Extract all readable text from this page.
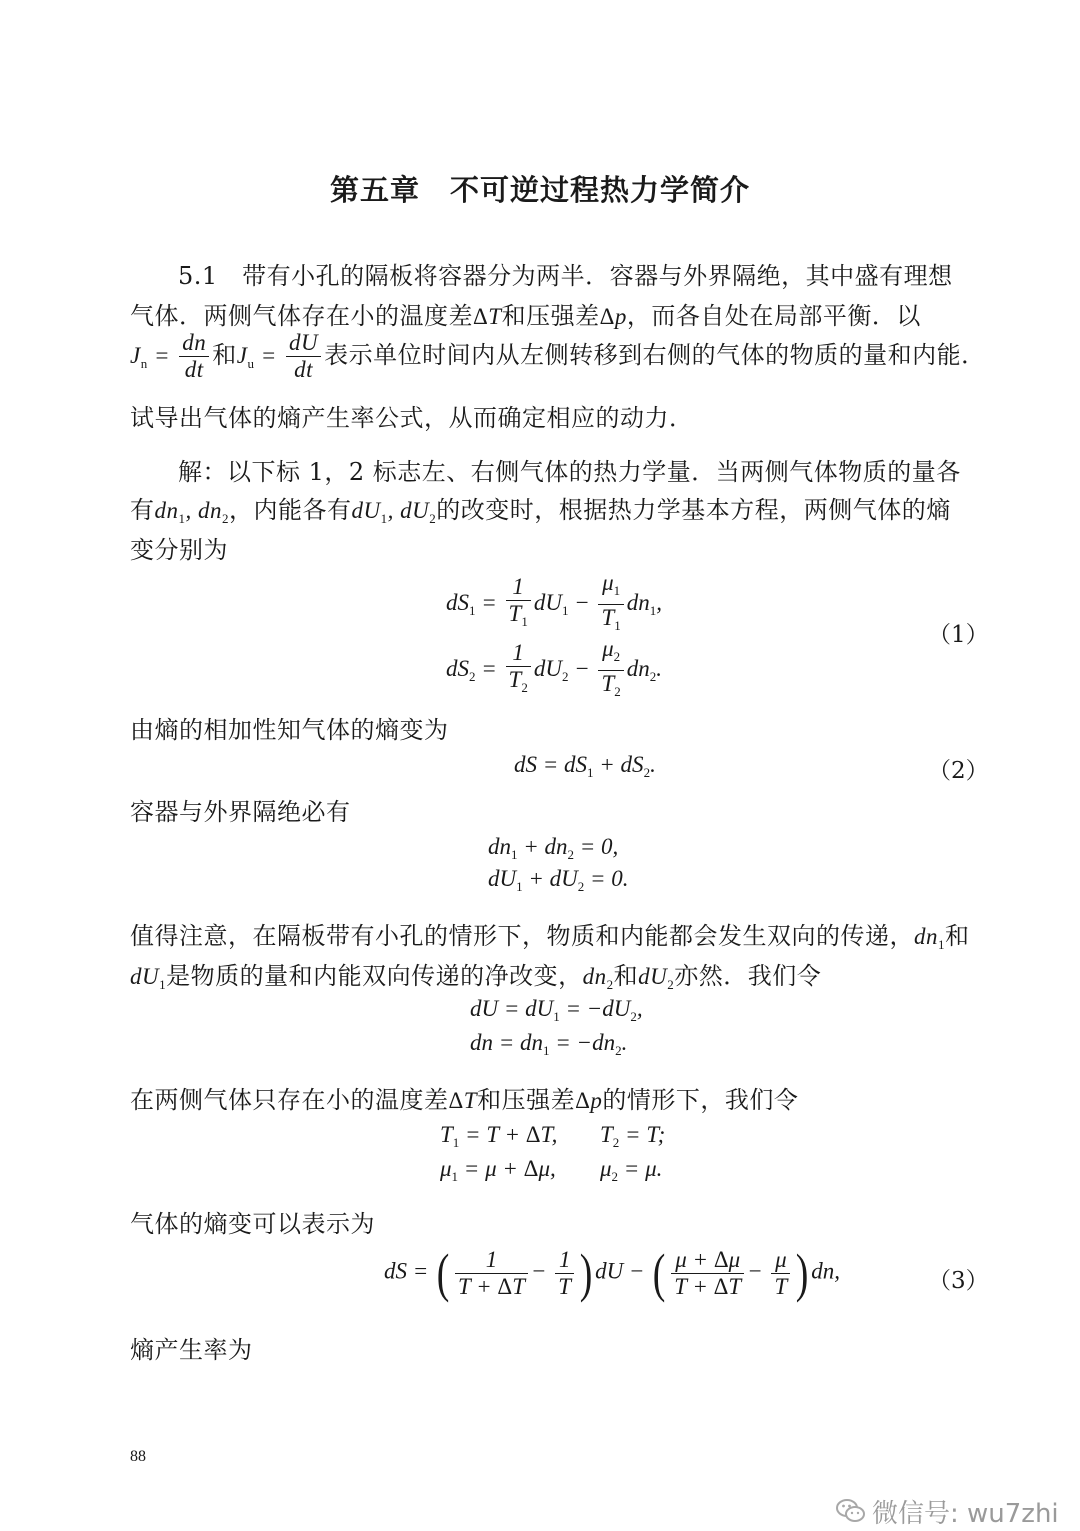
第五章　不可逆过程热力学简介
5.1　带有小孔的隔板将容器分为两半．容器与外界隔绝，其中盛有理想
气体．两侧气体存在小的温度差ΔT和压强差Δp，而各自处在局部平衡．以
$J_n = \frac{dn}{dt}$ 和$J_u = \frac{dU}{dt}$ 表示单位时间内从左侧转移到右侧的气体的物质的量和内能．
试导出气体的熵产生率公式，从而确定相应的动力．
解：以下标 1，2 标志左、右侧气体的热力学量．当两侧气体物质的量各
有$dn_1$, $dn_2$，内能各有$dU_1$, $dU_2$的改变时，根据热力学基本方程，两侧气体的熵
变分别为
$dS_1 = \frac{1}{T_1} dU_1 - \frac{\mu_1}{T_1} dn_1$,
$dS_2 = \frac{1}{T_2} dU_2 - \frac{\mu_2}{T_2} dn_2$.
（1）
由熵的相加性知气体的熵变为
dS = $dS_1 + dS_2$.	（2）
容器与外界隔绝必有
$dn_1 + dn_2 = 0$,
$dU_1 + dU_2 = 0$.
值得注意，在隔板带有小孔的情形下，物质和内能都会发生双向的传递，$dn_1$和
$dU_1$是物质的量和内能双向传递的净改变，$dn_2$和$dU_2$亦然．我们令
dU = $dU_1 = -dU_2$,
dn = $dn_1 = -dn_2$.
在两侧气体只存在小的温度差ΔT和压强差Δp的情形下，我们令
$T_1 = T + \Delta T$, $T_2 = T$;
$\mu_1 = \mu + \Delta\mu$, $\mu_2 = \mu$.
气体的熵变可以表示为
dS = ( $\frac{1}{T + \Delta T} - \frac{1}{T}$ ) dU − ( $\frac{\mu + \Delta\mu}{T + \Delta T} - \frac{\mu}{T}$ ) dn,	（3）
熵产生率为
88
微信号: wu7zhi
